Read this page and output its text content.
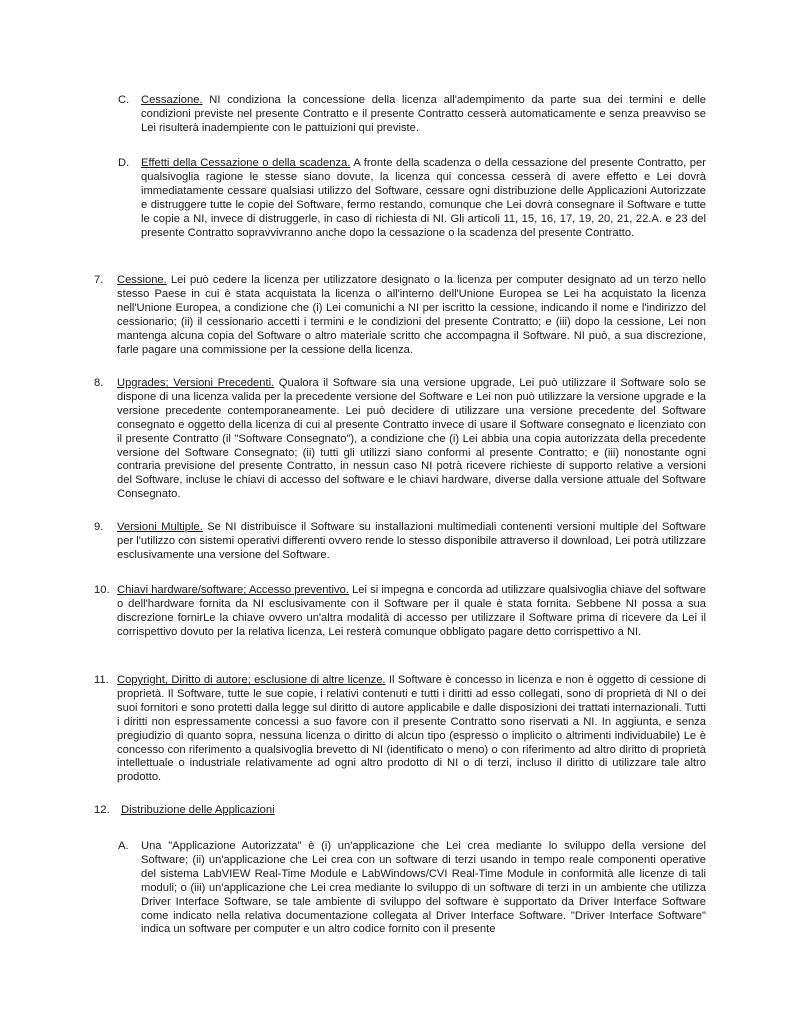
C. Cessazione. NI condiziona la concessione della licenza all'adempimento da parte sua dei termini e delle condizioni previste nel presente Contratto e il presente Contratto cesserà automaticamente e senza preavviso se Lei risulterà inadempiente con le pattuizioni qui previste.
D. Effetti della Cessazione o della scadenza. A fronte della scadenza o della cessazione del presente Contratto, per qualsivoglia ragione le stesse siano dovute, la licenza qui concessa cesserà di avere effetto e Lei dovrà immediatamente cessare qualsiasi utilizzo del Software, cessare ogni distribuzione delle Applicazioni Autorizzate e distruggere tutte le copie del Software, fermo restando, comunque che Lei dovrà consegnare il Software e tutte le copie a NI, invece di distruggerle, in caso di richiesta di NI. Gli articoli 11, 15, 16, 17, 19, 20, 21, 22.A. e 23 del presente Contratto sopravvivranno anche dopo la cessazione o la scadenza del presente Contratto.
7. Cessione. Lei può cedere la licenza per utilizzatore designato o la licenza per computer designato ad un terzo nello stesso Paese in cui è stata acquistata la licenza o all'interno dell'Unione Europea se Lei ha acquistato la licenza nell'Unione Europea, a condizione che (i) Lei comunichi a NI per iscritto la cessione, indicando il nome e l'indirizzo del cessionario; (ii) il cessionario accetti i termini e le condizioni del presente Contratto; e (iii) dopo la cessione, Lei non mantenga alcuna copia del Software o altro materiale scritto che accompagna il Software. NI può, a sua discrezione, farle pagare una commissione per la cessione della licenza.
8. Upgrades; Versioni Precedenti. Qualora il Software sia una versione upgrade, Lei può utilizzare il Software solo se dispone di una licenza valida per la precedente versione del Software e Lei non può utilizzare la versione upgrade e la versione precedente contemporaneamente. Lei può decidere di utilizzare una versione precedente del Software consegnato e oggetto della licenza di cui al presente Contratto invece di usare il Software consegnato e licenziato con il presente Contratto (il "Software Consegnato"), a condizione che (i) Lei abbia una copia autorizzata della precedente versione del Software Consegnato; (ii) tutti gli utilizzi siano conformi al presente Contratto; e (iii) nonostante ogni contraria previsione del presente Contratto, in nessun caso NI potrà ricevere richieste di supporto relative a versioni del Software, incluse le chiavi di accesso del software e le chiavi hardware, diverse dalla versione attuale del Software Consegnato.
9. Versioni Multiple. Se NI distribuisce il Software su installazioni multimediali contenenti versioni multiple del Software per l'utilizzo con sistemi operativi differenti ovvero rende lo stesso disponibile attraverso il download, Lei potrà utilizzare esclusivamente una versione del Software.
10. Chiavi hardware/software; Accesso preventivo. Lei si impegna e concorda ad utilizzare qualsivoglia chiave del software o dell'hardware fornita da NI esclusivamente con il Software per il quale è stata fornita. Sebbene NI possa a sua discrezione fornirLe la chiave ovvero un'altra modalità di accesso per utilizzare il Software prima di ricevere da Lei il corrispettivo dovuto per la relativa licenza, Lei resterà comunque obbligato pagare detto corrispettivo a NI.
11. Copyright, Diritto di autore; esclusione di altre licenze. Il Software è concesso in licenza e non è oggetto di cessione di proprietà. Il Software, tutte le sue copie, i relativi contenuti e tutti i diritti ad esso collegati, sono di proprietà di NI o dei suoi fornitori e sono protetti dalla legge sul diritto di autore applicabile e dalle disposizioni dei trattati internazionali. Tutti i diritti non espressamente concessi a suo favore con il presente Contratto sono riservati a NI. In aggiunta, e senza pregiudizio di quanto sopra, nessuna licenza o diritto di alcun tipo (espresso o implicito o altrimenti individuabile) Le è concesso con riferimento a qualsivoglia brevetto di NI (identificato o meno) o con riferimento ad altro diritto di proprietà intellettuale o industriale relativamente ad ogni altro prodotto di NI o di terzi, incluso il diritto di utilizzare tale altro prodotto.
12. Distribuzione delle Applicazioni
A. Una "Applicazione Autorizzata" è (i) un'applicazione che Lei crea mediante lo sviluppo della versione del Software; (ii) un'applicazione che Lei crea con un software di terzi usando in tempo reale componenti operative del sistema LabVIEW Real-Time Module e LabWindows/CVI Real-Time Module in conformità alle licenze di tali moduli; o (iii) un'applicazione che Lei crea mediante lo sviluppo di un software di terzi in un ambiente che utilizza Driver Interface Software, se tale ambiente di sviluppo del software è supportato da Driver Interface Software come indicato nella relativa documentazione collegata al Driver Interface Software. "Driver Interface Software" indica un software per computer e un altro codice fornito con il presente
